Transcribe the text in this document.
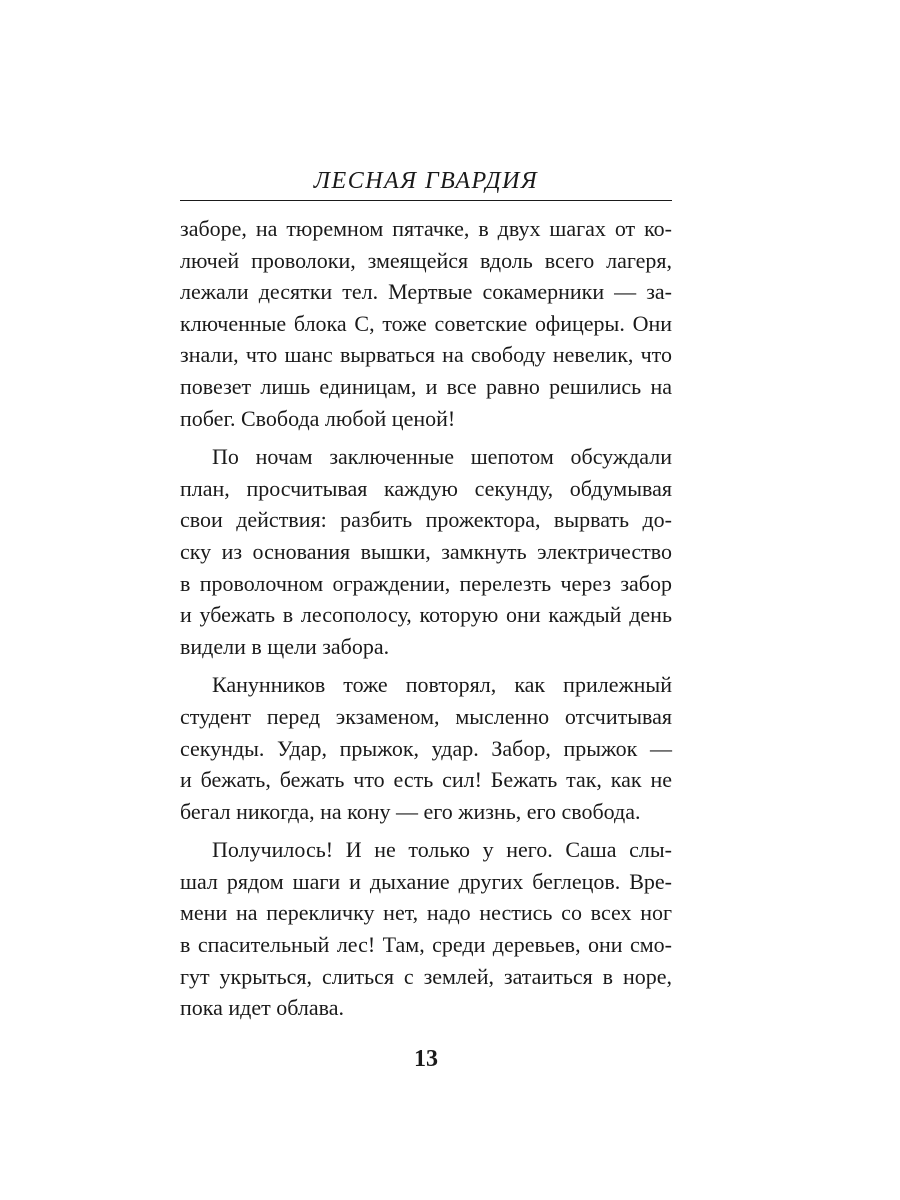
ЛЕСНАЯ ГВАРДИЯ

заборе, на тюремном пятачке, в двух шагах от ко-
лючей проволоки, змеящейся вдоль всего лагеря,
лежали десятки тел. Мертвые сокамерники — за-
ключенные блока С, тоже советские офицеры. Они
знали, что шанс вырваться на свободу невелик, что
повезет лишь единицам, и все равно решились на
побег. Свобода любой ценой!

По ночам заключенные шепотом обсуждали
план, просчитывая каждую секунду, обдумывая
свои действия: разбить прожектора, вырвать до-
ску из основания вышки, замкнуть электричество
в проволочном ограждении, перелезть через забор
и убежать в лесополосу, которую они каждый день
видели в щели забора.

Канунников тоже повторял, как прилежный
студент перед экзаменом, мысленно отсчитывая
секунды. Удар, прыжок, удар. Забор, прыжок —
и бежать, бежать что есть сил! Бежать так, как не
бегал никогда, на кону — его жизнь, его свобода.

Получилось! И не только у него. Саша слы-
шал рядом шаги и дыхание других беглецов. Вре-
мени на перекличку нет, надо нестись со всех ног
в спасительный лес! Там, среди деревьев, они смо-
гут укрыться, слиться с землей, затаиться в норе,
пока идет облава.

13
